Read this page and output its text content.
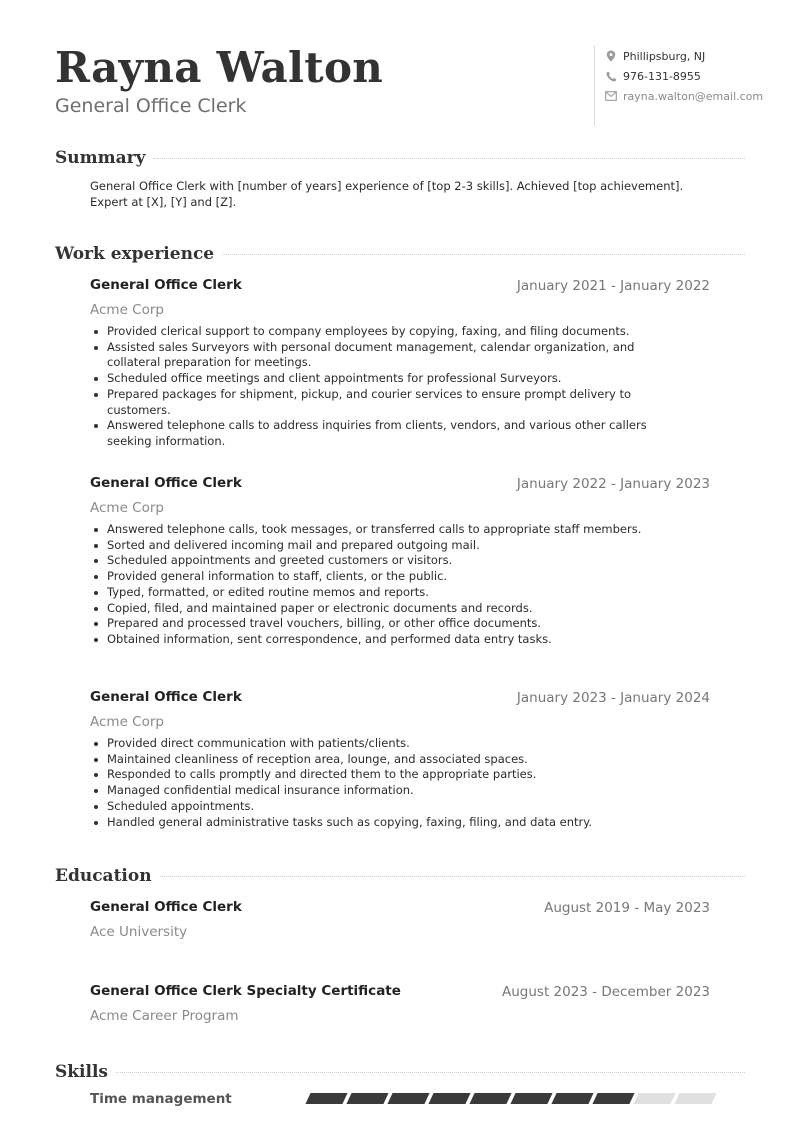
Rayna Walton
General Office Clerk
Phillipsburg, NJ
976-131-8955
rayna.walton@email.com
Summary
General Office Clerk with [number of years] experience of [top 2-3 skills]. Achieved [top achievement]. Expert at [X], [Y] and [Z].
Work experience
General Office Clerk	January 2021 - January 2022
Acme Corp
Provided clerical support to company employees by copying, faxing, and filing documents.
Assisted sales Surveyors with personal document management, calendar organization, and collateral preparation for meetings.
Scheduled office meetings and client appointments for professional Surveyors.
Prepared packages for shipment, pickup, and courier services to ensure prompt delivery to customers.
Answered telephone calls to address inquiries from clients, vendors, and various other callers seeking information.
General Office Clerk	January 2022 - January 2023
Acme Corp
Answered telephone calls, took messages, or transferred calls to appropriate staff members.
Sorted and delivered incoming mail and prepared outgoing mail.
Scheduled appointments and greeted customers or visitors.
Provided general information to staff, clients, or the public.
Typed, formatted, or edited routine memos and reports.
Copied, filed, and maintained paper or electronic documents and records.
Prepared and processed travel vouchers, billing, or other office documents.
Obtained information, sent correspondence, and performed data entry tasks.
General Office Clerk	January 2023 - January 2024
Acme Corp
Provided direct communication with patients/clients.
Maintained cleanliness of reception area, lounge, and associated spaces.
Responded to calls promptly and directed them to the appropriate parties.
Managed confidential medical insurance information.
Scheduled appointments.
Handled general administrative tasks such as copying, faxing, filing, and data entry.
Education
General Office Clerk	August 2019 - May 2023
Ace University
General Office Clerk Specialty Certificate	August 2023 - December 2023
Acme Career Program
Skills
Time management
